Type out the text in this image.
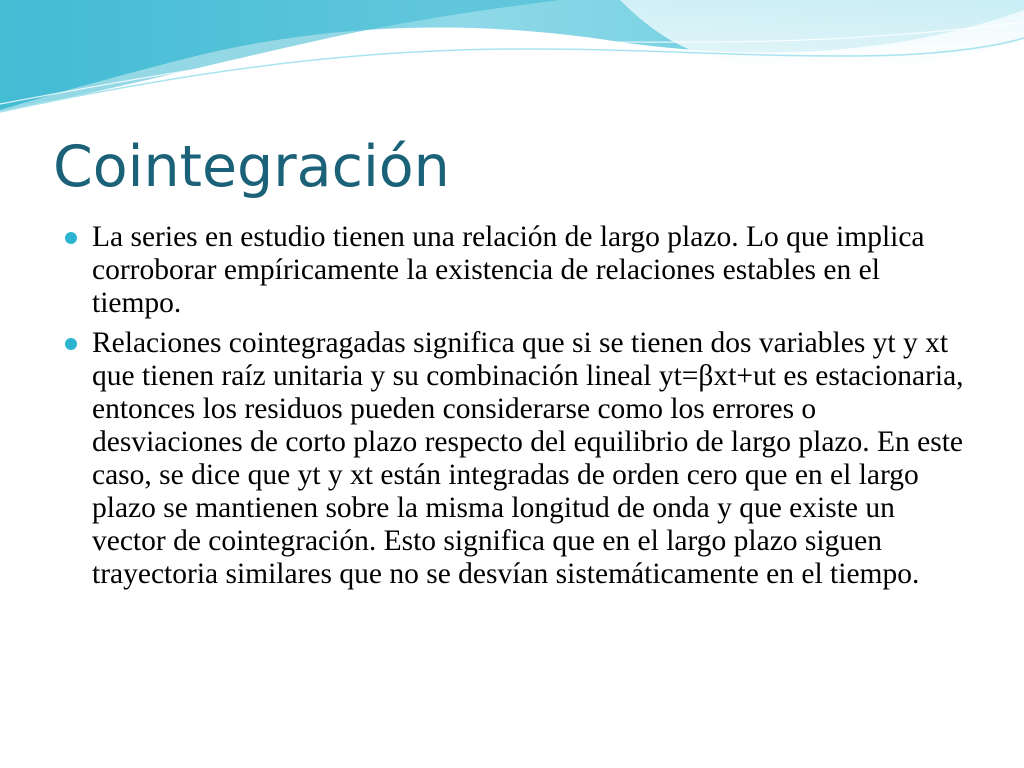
Cointegración
La series en estudio tienen una relación de largo plazo. Lo que implica corroborar empíricamente la existencia de relaciones estables en el tiempo.
Relaciones cointegragadas significa que si se tienen dos variables yt y xt que tienen raíz unitaria y su combinación lineal yt=βxt+ut es estacionaria, entonces los residuos pueden considerarse como los errores o desviaciones de corto plazo respecto del equilibrio de largo plazo. En este caso, se dice que yt y xt están integradas de orden cero que en el largo plazo se mantienen sobre la misma longitud de onda y que existe un vector de cointegración. Esto significa que en el largo plazo siguen trayectoria similares que no se desvían sistemáticamente en el tiempo.
